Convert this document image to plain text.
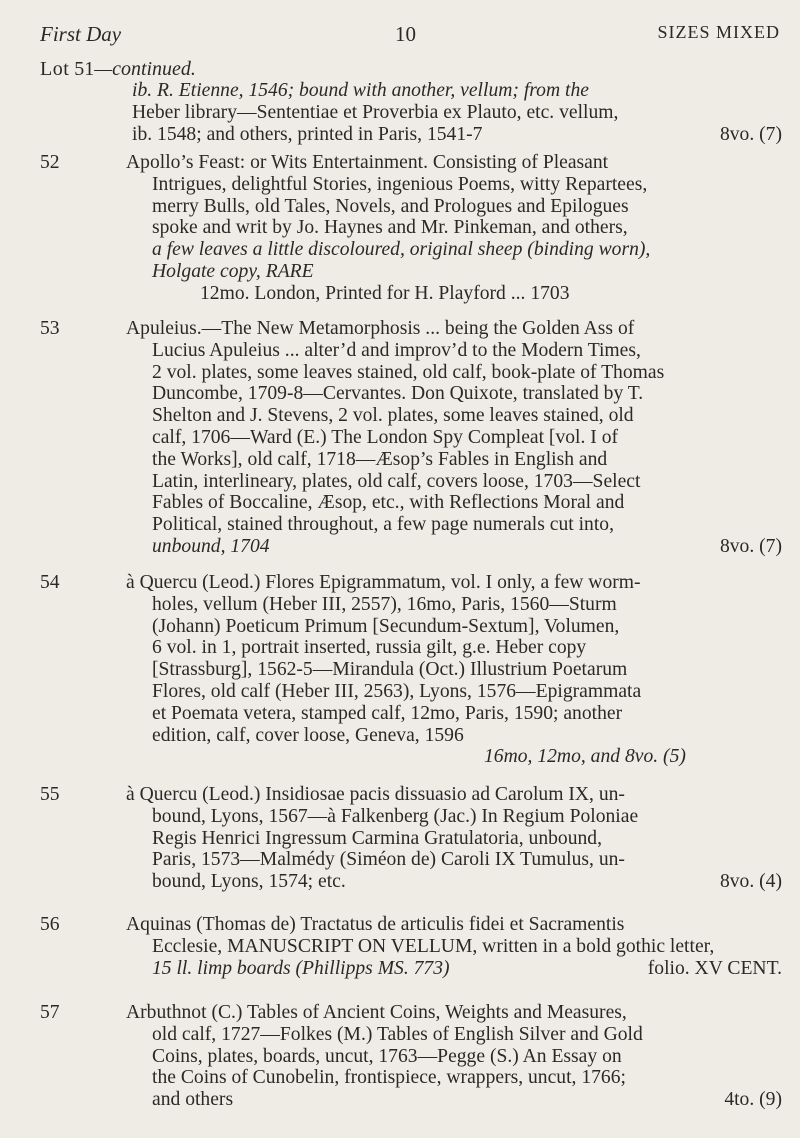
First Day	10	SIZES MIXED
Lot 51—continued.
ib. R. Etienne, 1546; bound with another, vellum; from the
Heber library—Sententiae et Proverbia ex Plauto, etc. vellum,
ib. 1548; and others, printed in Paris, 1541-7	8vo. (7)
52	Apollo’s Feast: or Wits Entertainment. Consisting of Pleasant
Intrigues, delightful Stories, ingenious Poems, witty Repartees,
merry Bulls, old Tales, Novels, and Prologues and Epilogues
spoke and writ by Jo. Haynes and Mr. Pinkeman, and others,
a few leaves a little discoloured, original sheep (binding worn),
Holgate copy, RARE
12mo. London, Printed for H. Playford ... 1703
53	Apuleius.—The New Metamorphosis ... being the Golden Ass of
Lucius Apuleius ... alter’d and improv’d to the Modern Times,
2 vol. plates, some leaves stained, old calf, book-plate of Thomas
Duncombe, 1709-8—Cervantes. Don Quixote, translated by T.
Shelton and J. Stevens, 2 vol. plates, some leaves stained, old
calf, 1706—Ward (E.) The London Spy Compleat [vol. I of
the Works], old calf, 1718—Æsop’s Fables in English and
Latin, interlineary, plates, old calf, covers loose, 1703—Select
Fables of Boccaline, Æsop, etc., with Reflections Moral and
Political, stained throughout, a few page numerals cut into,
unbound, 1704	8vo. (7)
54	à Quercu (Leod.) Flores Epigrammatum, vol. I only, a few worm-
holes, vellum (Heber III, 2557), 16mo, Paris, 1560—Sturm
(Johann) Poeticum Primum [Secundum-Sextum], Volumen,
6 vol. in 1, portrait inserted, russia gilt, g.e. Heber copy
[Strassburg], 1562-5—Mirandula (Oct.) Illustrium Poetarum
Flores, old calf (Heber III, 2563), Lyons, 1576—Epigrammata
et Poemata vetera, stamped calf, 12mo, Paris, 1590; another
edition, calf, cover loose, Geneva, 1596
16mo, 12mo, and 8vo. (5)
55	à Quercu (Leod.) Insidiosae pacis dissuasio ad Carolum IX, un-
bound, Lyons, 1567—à Falkenberg (Jac.) In Regium Poloniae
Regis Henrici Ingressum Carmina Gratulatoria, unbound,
Paris, 1573—Malmédy (Siméon de) Caroli IX Tumulus, un-
bound, Lyons, 1574; etc.	8vo. (4)
56	Aquinas (Thomas de) Tractatus de articulis fidei et Sacramentis
Ecclesie, MANUSCRIPT ON VELLUM, written in a bold gothic letter,
15 ll. limp boards (Phillipps MS. 773)	folio. XV CENT.
57	Arbuthnot (C.) Tables of Ancient Coins, Weights and Measures,
old calf, 1727—Folkes (M.) Tables of English Silver and Gold
Coins, plates, boards, uncut, 1763—Pegge (S.) An Essay on
the Coins of Cunobelin, frontispiece, wrappers, uncut, 1766;
and others	4to. (9)
